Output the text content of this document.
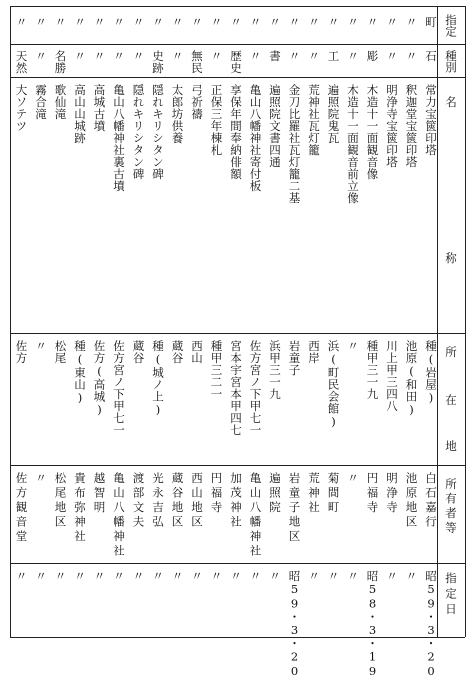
指定
種別
名
称
所
在
地
所有者等
指定日
町
石
常力宝篋印塔
種(岩屋)
白石嘉行
昭59・3・20
〃
〃
釈迦堂宝篋印塔
池原(和田)
池原地区
〃
〃
〃
明浄寺宝篋印塔
川上甲三四八
明浄寺
〃
〃
彫
木造十一面観音像
種甲三一九
円福寺
昭58・3・19
〃
〃
木造十一面観音前立像
〃
〃
〃
〃
工
遍照院鬼瓦
浜(町民会館)
菊間町
〃
〃
〃
荒神社瓦灯籠
西岸
荒神社
〃
〃
〃
金刀比羅社瓦灯籠二基
岩童子
岩童子地区
昭59・3・20
〃
書
遍照院文書四通
浜甲三一九
遍照院
〃
〃
〃
亀山八幡神社寄付板
佐方宮ノ下甲七一
亀山八幡神社
〃
〃
歴史
享保年間奉納俳額
宮本宇宮本甲四七
加茂神社
〃
〃
〃
正保三年棟札
種甲三二一
円福寺
〃
〃
無民
弓祈禱
西山
西山地区
〃
〃
〃
太郎坊供養
蔵谷
蔵谷地区
〃
〃
史跡
隠れキリシタン碑
種(城ノ上)
光永吉弘
〃
〃
〃
隠れキリシタン碑
蔵谷
渡部文夫
〃
〃
〃
亀山八幡神社裏古墳
佐方宮ノ下甲七一
亀山八幡神社
〃
〃
〃
高城古墳
佐方(高城)
越智明
〃
〃
〃
高山山城跡
種(東山)
貴布弥神社
〃
〃
名勝
歌仙滝
松尾
松尾地区
〃
〃
〃
霧合滝
〃
〃
〃
〃
天然
大ソテツ
佐方
佐方観音堂
〃
